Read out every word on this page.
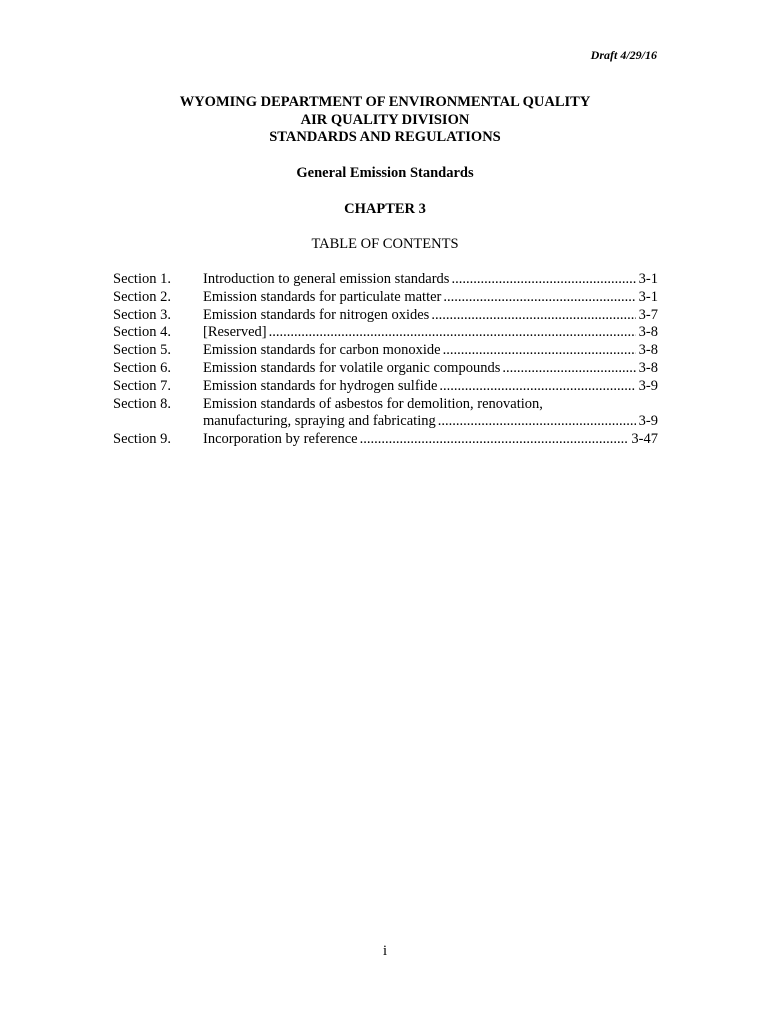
Draft 4/29/16
WYOMING DEPARTMENT OF ENVIRONMENTAL QUALITY
AIR QUALITY DIVISION
STANDARDS AND REGULATIONS
General Emission Standards
CHAPTER 3
TABLE OF CONTENTS
Section 1.	Introduction to general emission standards .....	3-1
Section 2.	Emission standards for particulate matter .....	3-1
Section 3.	Emission standards for nitrogen oxides .....	3-7
Section 4.	[Reserved] .....	3-8
Section 5.	Emission standards for carbon monoxide .....	3-8
Section 6.	Emission standards for volatile organic compounds .....	3-8
Section 7.	Emission standards for hydrogen sulfide .....	3-9
Section 8.	Emission standards of asbestos for demolition, renovation,
manufacturing, spraying and fabricating .....	3-9
Section 9.	Incorporation by reference .....	3-47
i
